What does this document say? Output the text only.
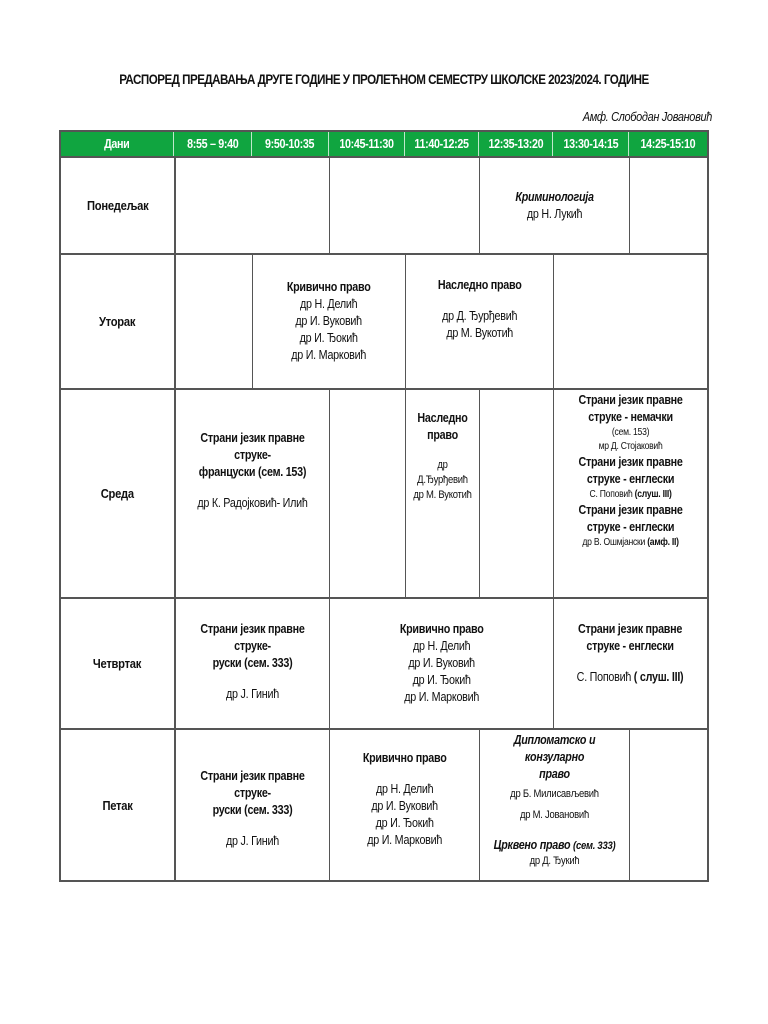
РАСПОРЕД ПРЕДАВАЊА ДРУГЕ ГОДИНЕ У ПРОЛЕЋНОМ СЕМЕСТРУ ШКОЛСКЕ 2023/2024. ГОДИНЕ
Амф. Слободан Јовановић
Дани	8:55 – 9:40 9:50-10:35 10:45-11:30 11:40-12:25 12:35-13:20 13:30-14:15 14:25-15:10
Понедељак
Уторак
Среда
Четвртак
Петак
Криминологија
др Н. Лукић
Кривично право
др Н. Делић
др И. Вуковић
др И. Ђокић
др И. Марковић
Наследно право
др Д. Ђурђевић
др М. Вукотић
Страни језик правне струке-
француски (сем. 153)
др К. Радојковић- Илић
Наследно
право
др Д.Ђурђевић
др М. Вукотић
Страни језик правне
струке - немачки
(сем. 153)
мр Д. Стојаковић
Страни језик правне
струке - енглески
С. Поповић (слуш. III)
Страни језик правне
струке - енглески
др В. Ошмјански (амф. II)
Страни језик правне струке-
руски (сем. 333)
др Ј. Гинић
Кривично право
др Н. Делић
др И. Вуковић
др И. Ђокић
др И. Марковић
Страни језик правне
струке - енглески
С. Поповић ( слуш. III)
Страни језик правне струке-
руски (сем. 333)
др Ј. Гинић
Кривично право
др Н. Делић
др И. Вуковић
др И. Ђокић
др И. Марковић
Дипломатско и конзуларно
право
др Б. Милисављевић
др М. Јовановић
Црквено право (сем. 333)
др Д. Ђукић
